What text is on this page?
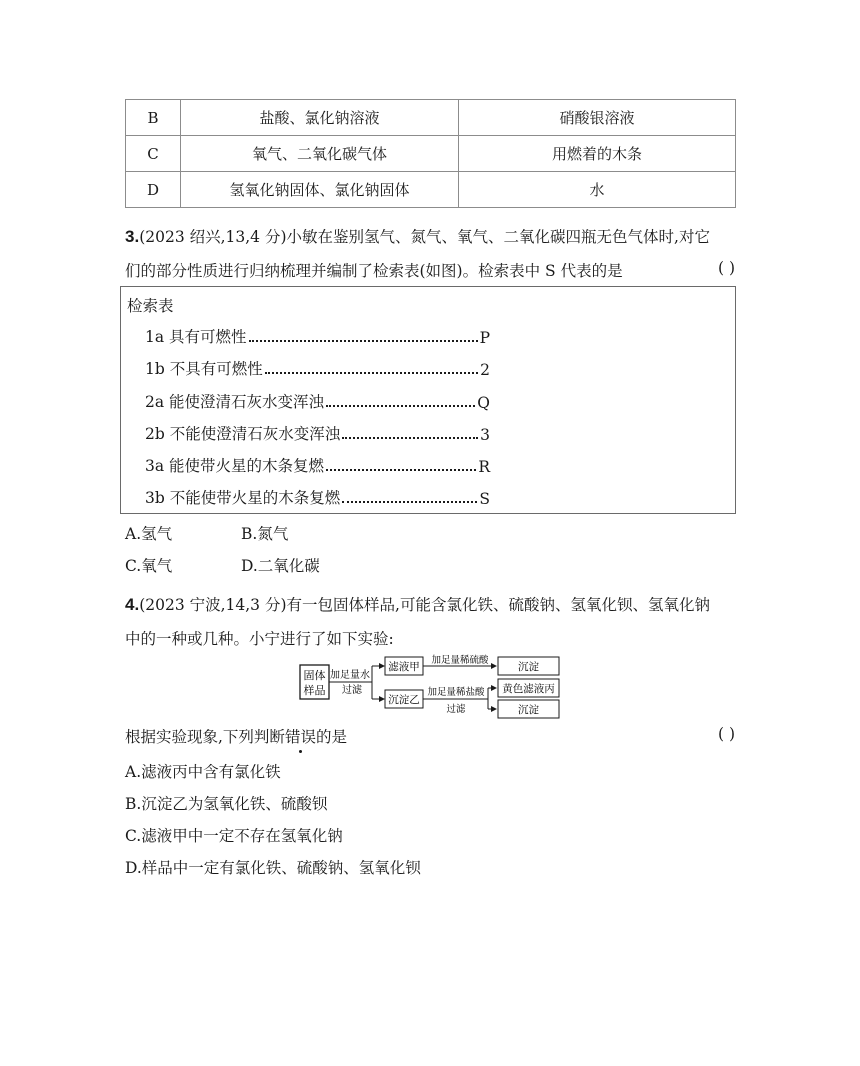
B	盐酸、氯化钠溶液	硝酸银溶液
C	氧气、二氧化碳气体	用燃着的木条
D	氢氧化钠固体、氯化钠固体	水
3.(2023 绍兴,13,4 分)小敏在鉴别氢气、氮气、氧气、二氧化碳四瓶无色气体时,对它
们的部分性质进行归纳梳理并编制了检索表(如图)。检索表中 S 代表的是	( )
检索表
1a 具有可燃性	P
1b 不具有可燃性	2
2a 能使澄清石灰水变浑浊	Q
2b 不能使澄清石灰水变浑浊	3
3a 能使带火星的木条复燃	R
3b 不能使带火星的木条复燃	S
A.氢气	B.氮气
C.氧气	D.二氧化碳
4.(2023 宁波,14,3 分)有一包固体样品,可能含氯化铁、硫酸钠、氢氧化钡、氢氧化钠
中的一种或几种。小宁进行了如下实验:
固体
样品
加足量水
过滤
滤液甲
沉淀乙
加足量稀硫酸
沉淀
加足量稀盐酸
过滤
黄色滤液丙
沉淀
根据实验现象,下列判断错误的是	( )
A.滤液丙中含有氯化铁
B.沉淀乙为氢氧化铁、硫酸钡
C.滤液甲中一定不存在氢氧化钠
D.样品中一定有氯化铁、硫酸钠、氢氧化钡
